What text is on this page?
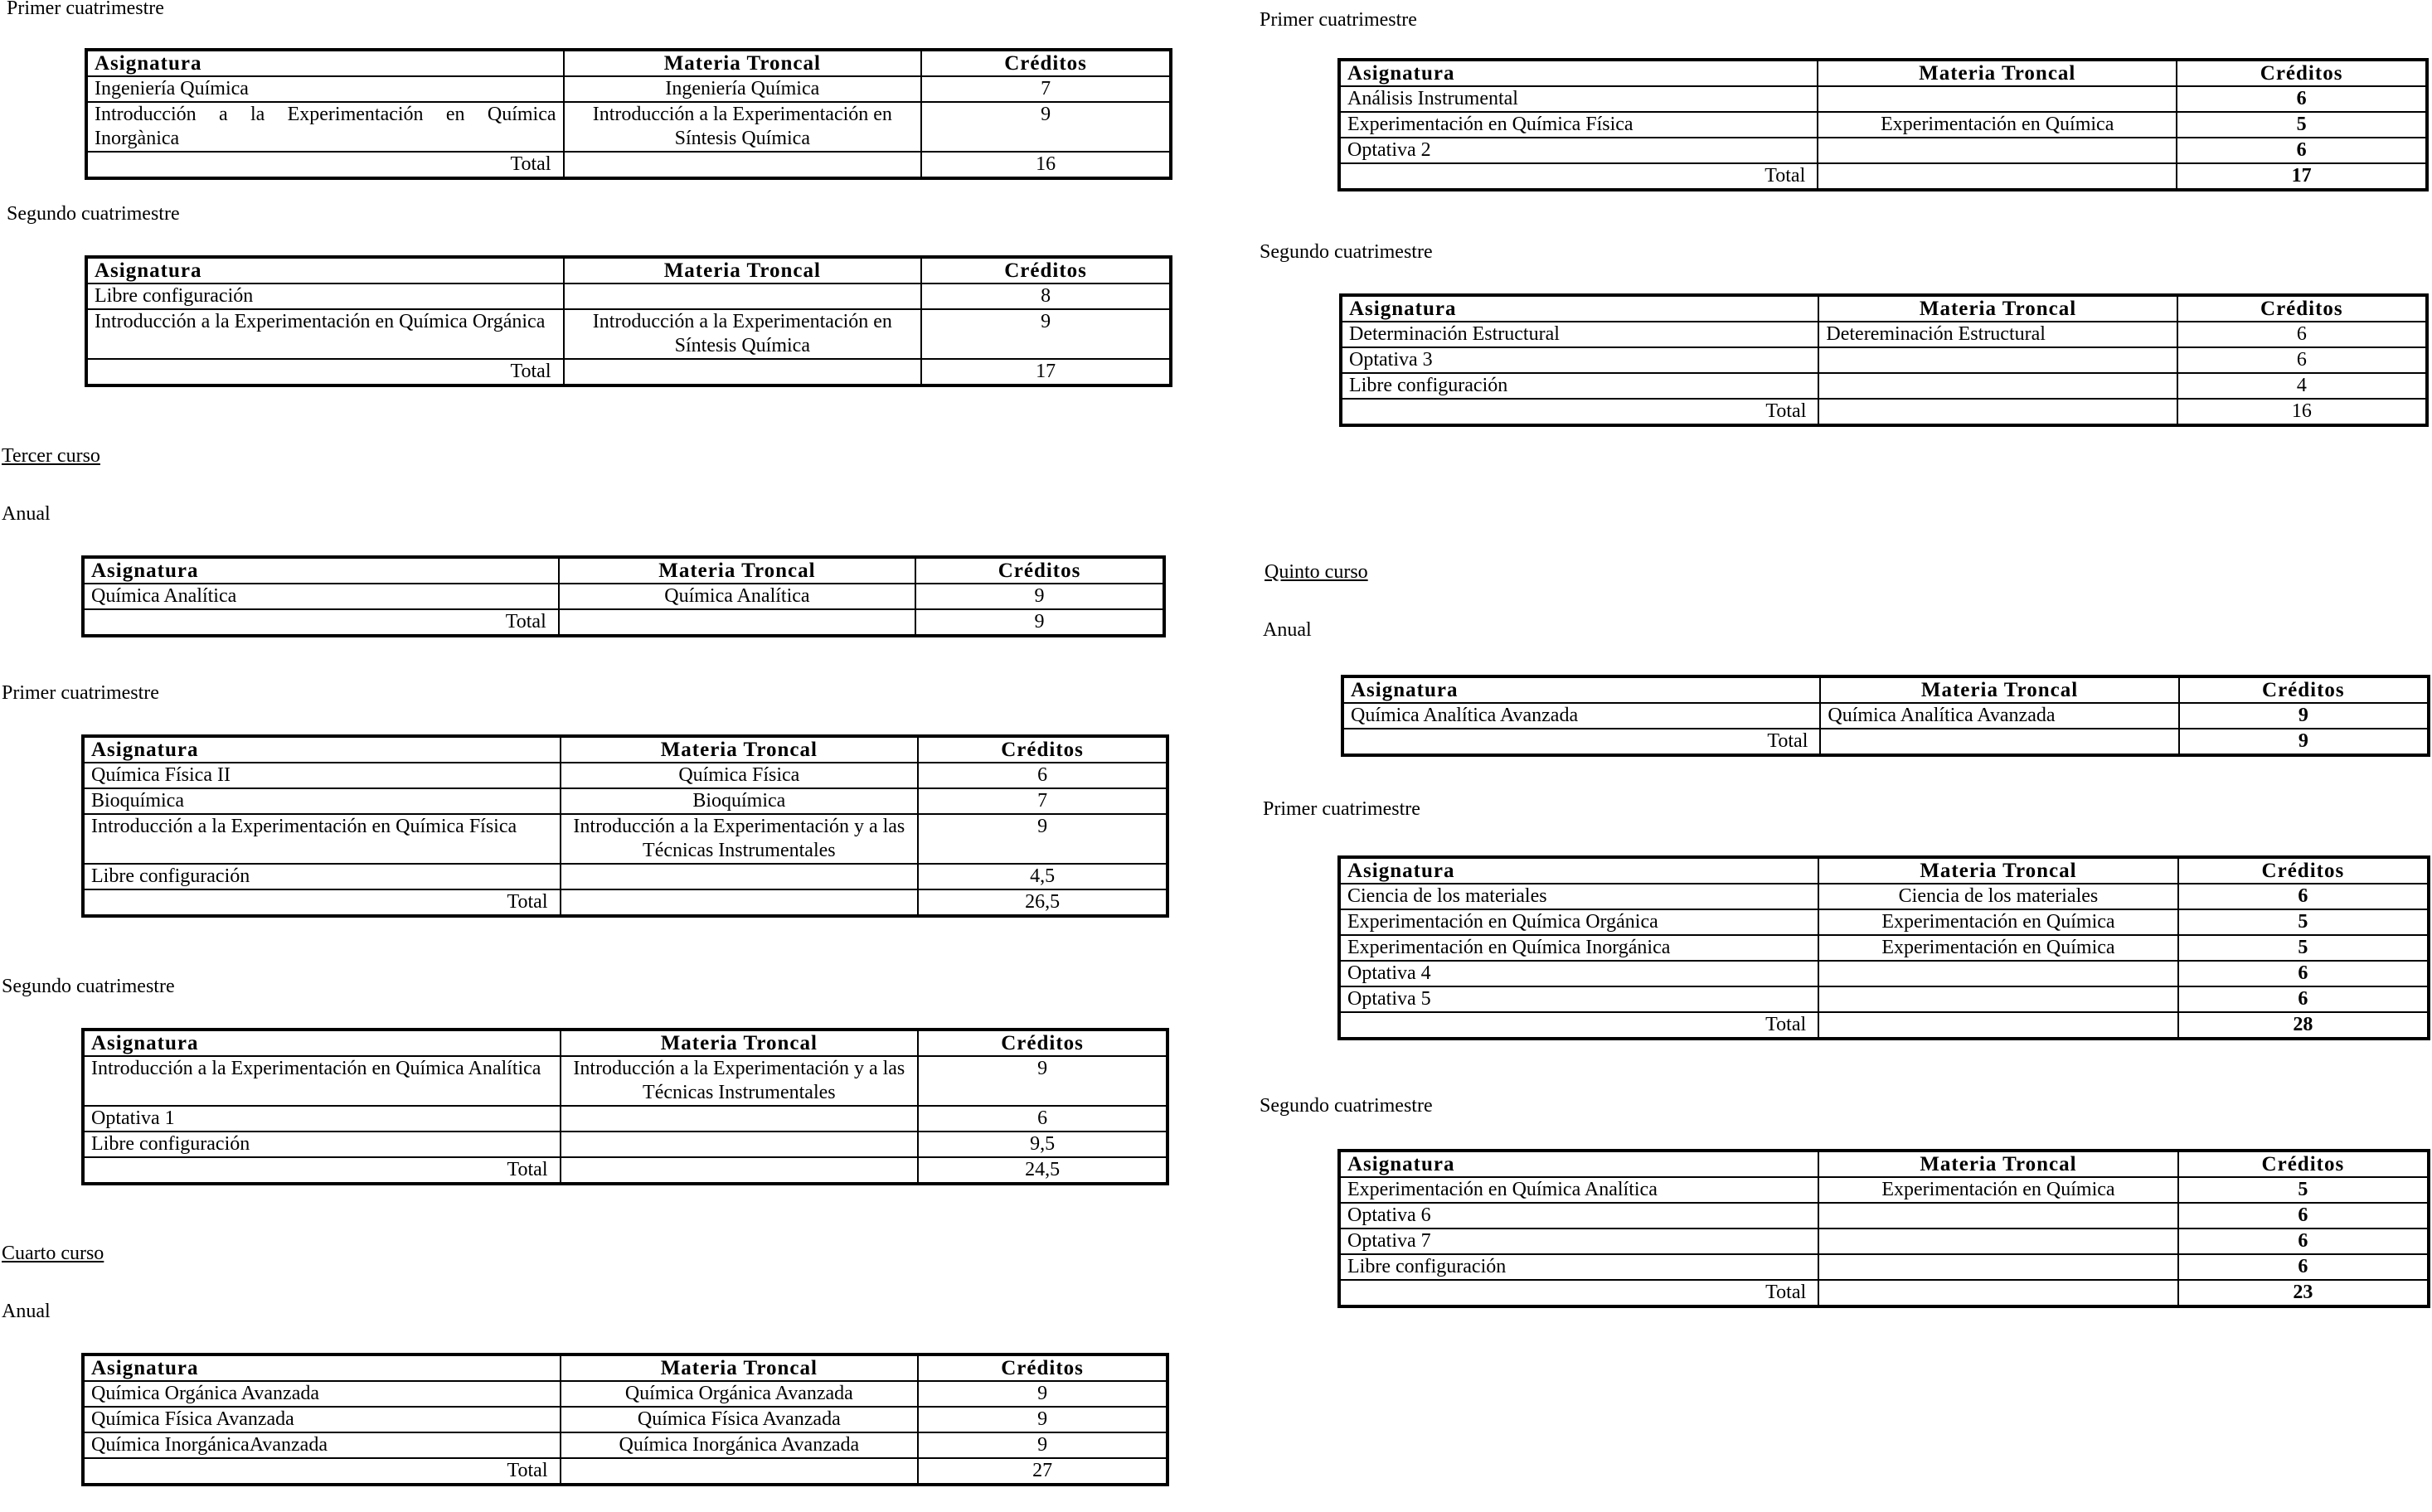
Primer cuatrimestre
Asignatura	Materia Troncal	Créditos
Ingeniería Química	Ingeniería Química	7
Introducción a la Experimentación en Química Inorgànica	Introducción a la Experimentación en Síntesis Química	9
Total		16
Segundo cuatrimestre
Asignatura	Materia Troncal	Créditos
Libre configuración		8
Introducción a la Experimentación en Química Orgánica	Introducción a la Experimentación en Síntesis Química	9
Total		17
Tercer curso
Anual
Asignatura	Materia Troncal	Créditos
Química Analítica	Química Analítica	9
Total		9
Primer cuatrimestre
Asignatura	Materia Troncal	Créditos
Química Física II	Química Física	6
Bioquímica	Bioquímica	7
Introducción a la Experimentación en Química Física	Introducción a la Experimentación y a las Técnicas Instrumentales	9
Libre configuración		4,5
Total		26,5
Segundo cuatrimestre
Asignatura	Materia Troncal	Créditos
Introducción a la Experimentación en Química Analítica	Introducción a la Experimentación y a las Técnicas Instrumentales	9
Optativa 1		6
Libre configuración		9,5
Total		24,5
Cuarto curso
Anual
Asignatura	Materia Troncal	Créditos
Química Orgánica Avanzada	Química Orgánica Avanzada	9
Química Física Avanzada	Química Física Avanzada	9
Química InorgánicaAvanzada	Química Inorgánica Avanzada	9
Total		27
Primer cuatrimestre
Asignatura	Materia Troncal	Créditos
Análisis Instrumental		6
Experimentación en Química Física	Experimentación en Química	5
Optativa 2		6
Total		17
Segundo cuatrimestre
Asignatura	Materia Troncal	Créditos
Determinación Estructural	Detereminación Estructural	6
Optativa 3		6
Libre configuración		4
Total		16
Quinto curso
Anual
Asignatura	Materia Troncal	Créditos
Química Analítica Avanzada	Química Analítica Avanzada	9
Total		9
Primer cuatrimestre
Asignatura	Materia Troncal	Créditos
Ciencia de los materiales	Ciencia de los materiales	6
Experimentación en Química Orgánica	Experimentación en Química	5
Experimentación en Química Inorgánica	Experimentación en Química	5
Optativa 4		6
Optativa 5		6
Total		28
Segundo cuatrimestre
Asignatura	Materia Troncal	Créditos
Experimentación en Química Analítica	Experimentación en Química	5
Optativa 6		6
Optativa 7		6
Libre configuración		6
Total		23
